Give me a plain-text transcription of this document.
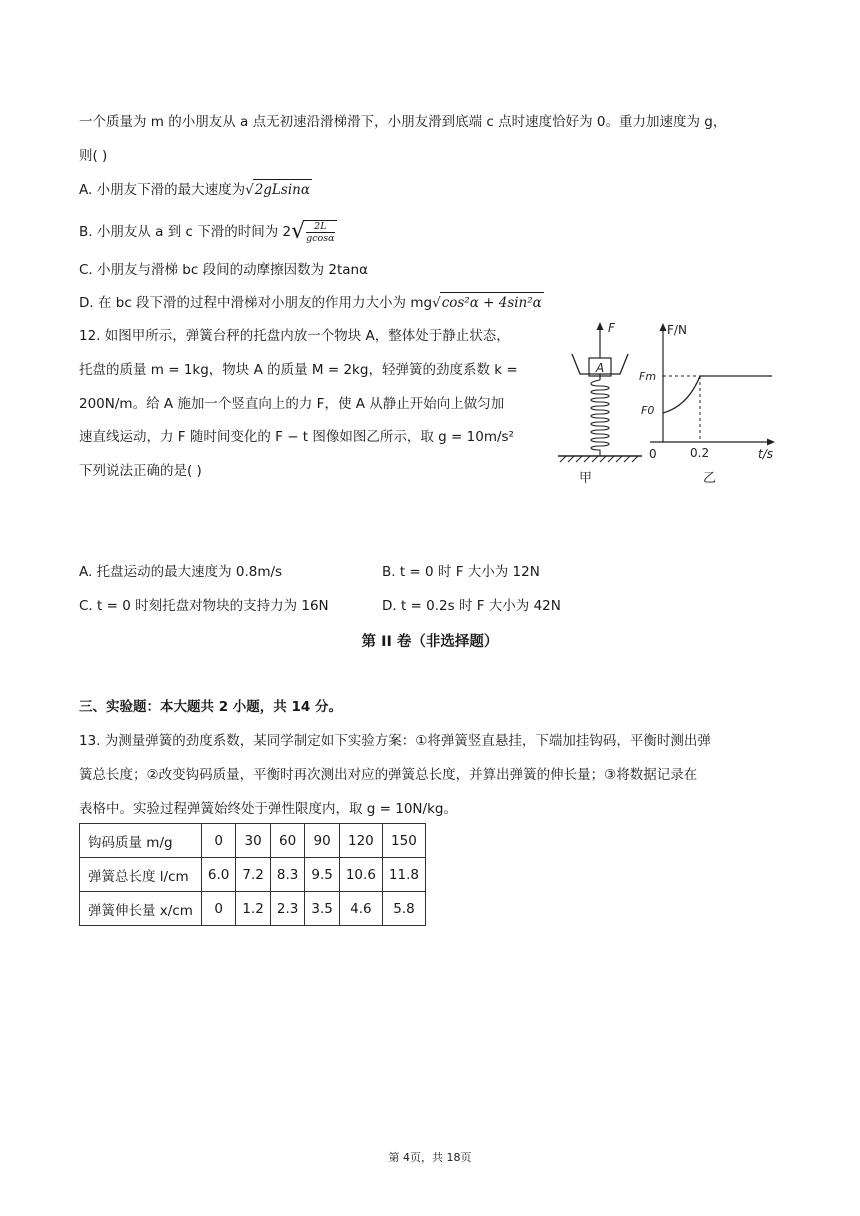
一个质量为 m 的小朋友从 a 点无初速沿滑梯滑下，小朋友滑到底端 c 点时速度恰好为 0。重力加速度为 g，
则( )
A. 小朋友下滑的最大速度为√2gLsinα
B. 小朋友从 a 到 c 下滑的时间为 $2√ \frac{2L}{gcos\alpha}$
C. 小朋友与滑梯 bc 段间的动摩擦因数为 2tanα
D. 在 bc 段下滑的过程中滑梯对小朋友的作用力大小为 mg√cos²α + 4sin²α
12. 如图甲所示，弹簧台秤的托盘内放一个物块 A，整体处于静止状态，
托盘的质量 m = 1kg，物块 A 的质量 M = 2kg，轻弹簧的劲度系数 k =
200N/m。给 A 施加一个竖直向上的力 F，使 A 从静止开始向上做匀加
速直线运动，力 F 随时间变化的 F − t 图像如图乙所示，取 g = 10m/s²
下列说法正确的是( )
F
A
甲
F/N
Fm
F0
0	0.2	t/s
乙
A. 托盘运动的最大速度为 0.8m/s	B. t = 0 时 F 大小为 12N
C. t = 0 时刻托盘对物块的支持力为 16N	D. t = 0.2s 时 F 大小为 42N
第 II 卷（非选择题）
三、实验题：本大题共 2 小题，共 14 分。
13. 为测量弹簧的劲度系数，某同学制定如下实验方案：①将弹簧竖直悬挂，下端加挂钩码，平衡时测出弹
簧总长度；②改变钩码质量，平衡时再次测出对应的弹簧总长度，并算出弹簧的伸长量；③将数据记录在
表格中。实验过程弹簧始终处于弹性限度内，取 g = 10N/kg。
钩码质量 m/g	0	30	60	90	120	150
弹簧总长度 l/cm	6.0	7.2	8.3	9.5	10.6	11.8
弹簧伸长量 x/cm	0	1.2	2.3	3.5	4.6	5.8
第 4页，共 18页
